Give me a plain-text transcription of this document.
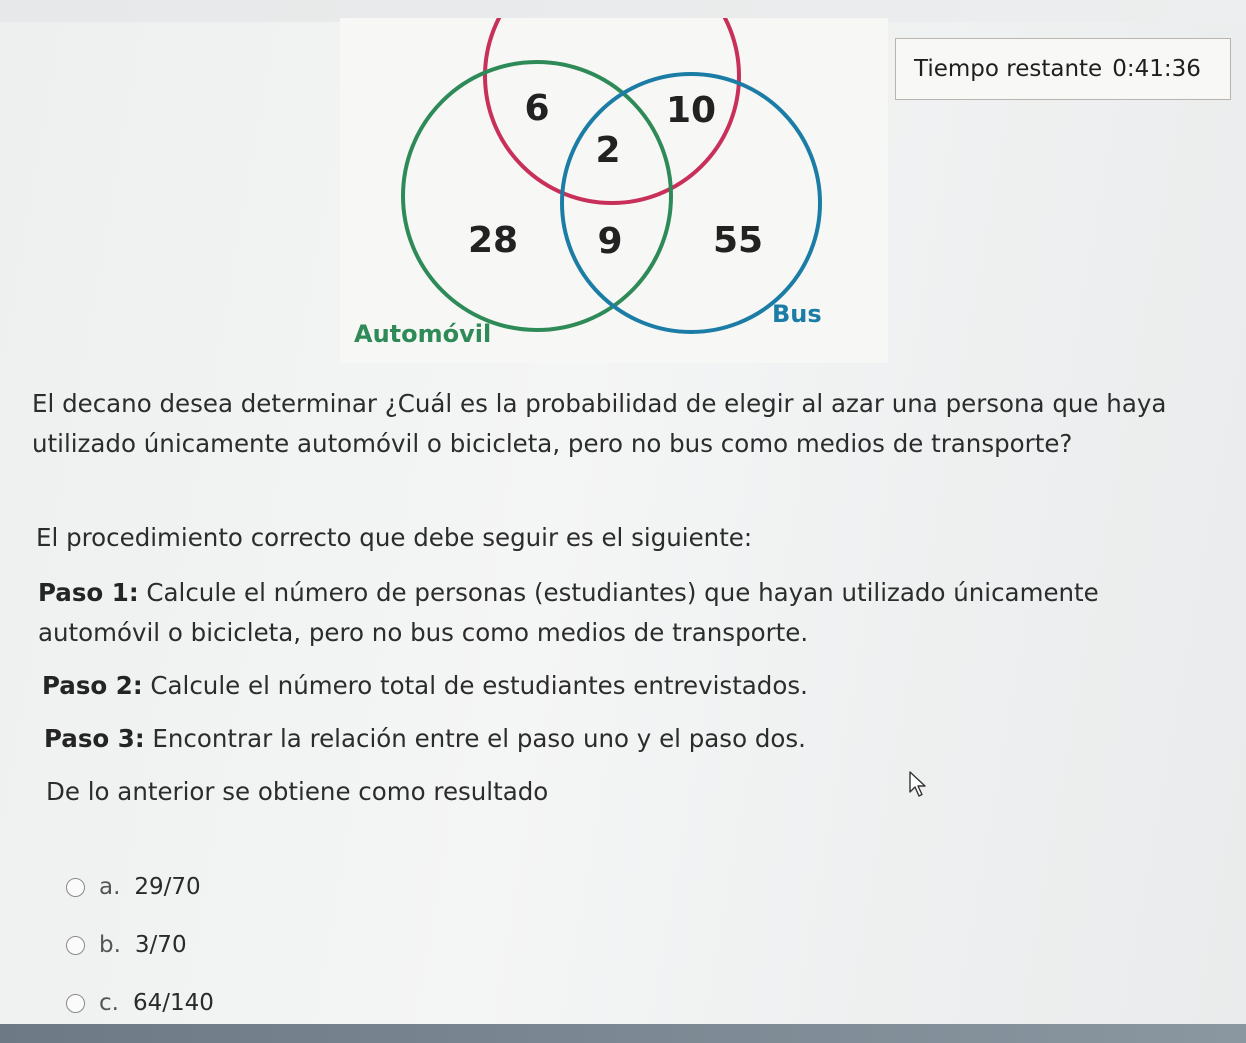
6	10
2
28 9	55
Automóvil
Bus
Tiempo restante 0:41:36
El decano desea determinar ¿Cuál es la probabilidad de elegir al azar una persona que haya utilizado únicamente automóvil o bicicleta, pero no bus como medios de transporte?
El procedimiento correcto que debe seguir es el siguiente:
Paso 1: Calcule el número de personas (estudiantes) que hayan utilizado únicamente automóvil o bicicleta, pero no bus como medios de transporte.
Paso 2: Calcule el número total de estudiantes entrevistados.
Paso 3: Encontrar la relación entre el paso uno y el paso dos.
De lo anterior se obtiene como resultado
a. 29/70
b. 3/70
c. 64/140
